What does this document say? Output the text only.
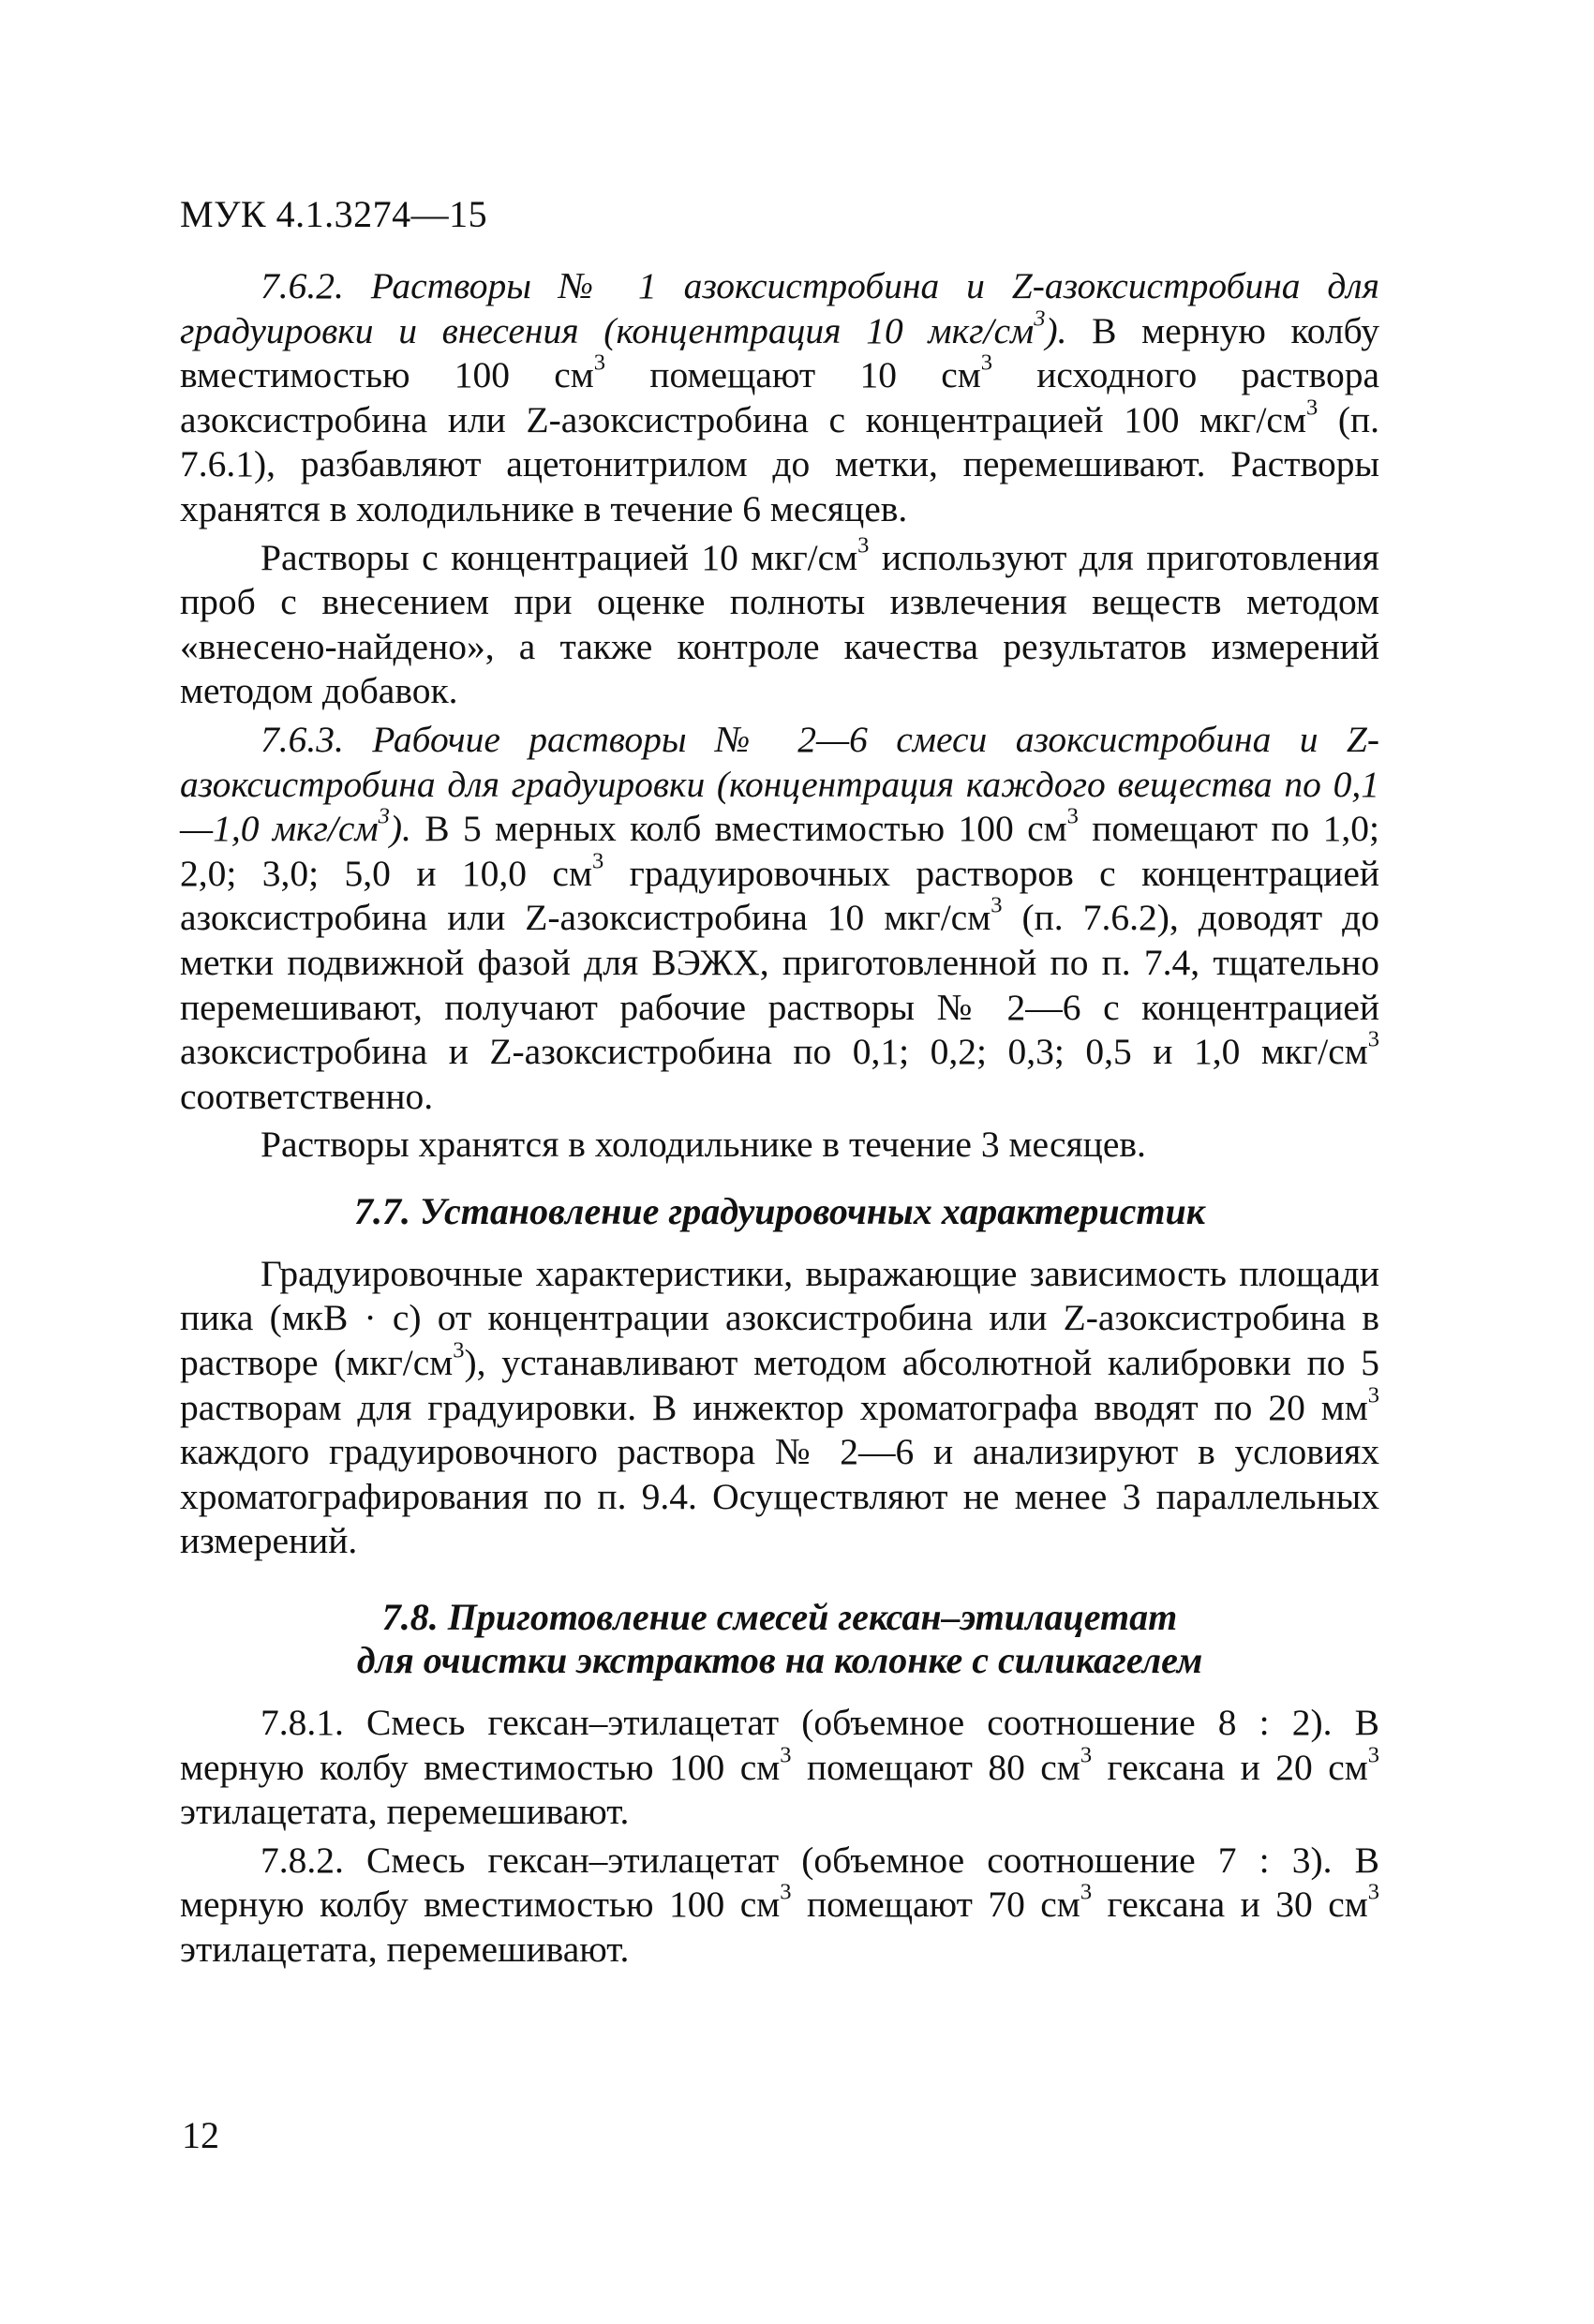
МУК 4.1.3274—15

7.6.2. Растворы № 1 азоксистробина и Z-азоксистробина для градуировки и внесения (концентрация 10 мкг/$см^3$). В мерную колбу вместимостью 100 $см^3$ помещают 10 $см^3$ исходного раствора азоксистробина или Z-азоксистробина с концентрацией 100 мкг/$см^3$ (п. 7.6.1), разбавляют ацетонитрилом до метки, перемешивают. Растворы хранятся в холодильнике в течение 6 месяцев.

Растворы с концентрацией 10 мкг/$см^3$ используют для приготовления проб с внесением при оценке полноты извлечения веществ методом «внесено-найдено», а также контроле качества результатов измерений методом добавок.

7.6.3. Рабочие растворы № 2—6 смеси азоксистробина и Z-азоксистробина для градуировки (концентрация каждого вещества по 0,1—1,0 мкг/$см^3$). В 5 мерных колб вместимостью 100 $см^3$ помещают по 1,0; 2,0; 3,0; 5,0 и 10,0 $см^3$ градуировочных растворов с концентрацией азоксистробина или Z-азоксистробина 10 мкг/$см^3$ (п. 7.6.2), доводят до метки подвижной фазой для ВЭЖХ, приготовленной по п. 7.4, тщательно перемешивают, получают рабочие растворы № 2—6 с концентрацией азоксистробина и Z-азоксистробина по 0,1; 0,2; 0,3; 0,5 и 1,0 мкг/$см^3$ соответственно.

Растворы хранятся в холодильнике в течение 3 месяцев.

7.7. Установление градуировочных характеристик

Градуировочные характеристики, выражающие зависимость площади пика (мкВ · с) от концентрации азоксистробина или Z-азоксистробина в растворе $(мкг/см^3)$, устанавливают методом абсолютной калибровки по 5 растворам для градуировки. В инжектор хроматографа вводят по 20 $мм^3$ каждого градуировочного раствора № 2—6 и анализируют в условиях хроматографирования по п. 9.4. Осуществляют не менее 3 параллельных измерений.

7.8. Приготовление смесей гексан–этилацетат
для очистки экстрактов на колонке с силикагелем

7.8.1. Смесь гексан–этилацетат (объемное соотношение 8 : 2). В мерную колбу вместимостью 100 $см^3$ помещают 80 $см^3$ гексана и 20 $см^3$ этилацетата, перемешивают.

7.8.2. Смесь гексан–этилацетат (объемное соотношение 7 : 3). В мерную колбу вместимостью 100 $см^3$ помещают 70 $см^3$ гексана и 30 $см^3$ этилацетата, перемешивают.

12
